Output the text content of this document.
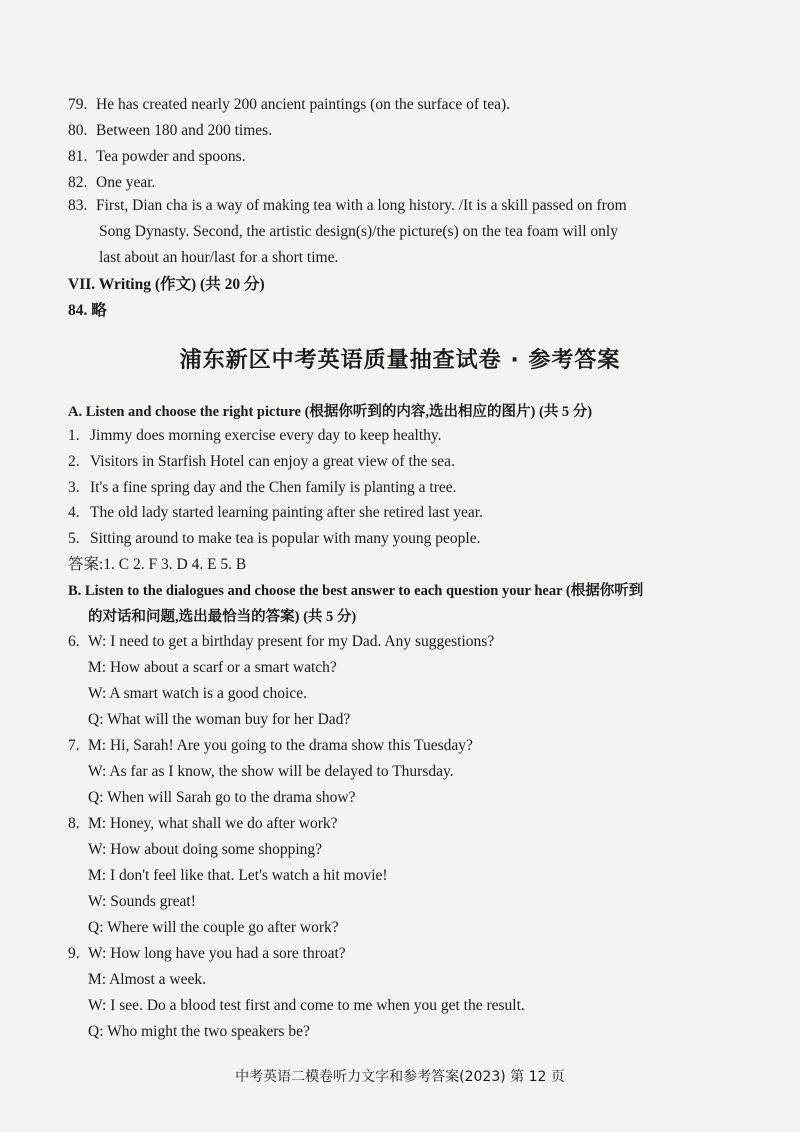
79. He has created nearly 200 ancient paintings (on the surface of tea).
80. Between 180 and 200 times.
81. Tea powder and spoons.
82. One year.
83. First, Dian cha is a way of making tea with a long history. /It is a skill passed on from
Song Dynasty. Second, the artistic design(s)/the picture(s) on the tea foam will only
last about an hour/last for a short time.
VII. Writing (作文) (共 20 分)
84. 略
浦东新区中考英语质量抽查试卷 · 参考答案
A. Listen and choose the right picture (根据你听到的内容,选出相应的图片) (共 5 分)
1. Jimmy does morning exercise every day to keep healthy.
2. Visitors in Starfish Hotel can enjoy a great view of the sea.
3. It's a fine spring day and the Chen family is planting a tree.
4. The old lady started learning painting after she retired last year.
5. Sitting around to make tea is popular with many young people.
答案:1. C 2. F 3. D 4. E 5. B
B. Listen to the dialogues and choose the best answer to each question your hear (根据你听到
的对话和问题,选出最恰当的答案) (共 5 分)
6. W: I need to get a birthday present for my Dad. Any suggestions?
M: How about a scarf or a smart watch?
W: A smart watch is a good choice.
Q: What will the woman buy for her Dad?
7. M: Hi, Sarah! Are you going to the drama show this Tuesday?
W: As far as I know, the show will be delayed to Thursday.
Q: When will Sarah go to the drama show?
8. M: Honey, what shall we do after work?
W: How about doing some shopping?
M: I don't feel like that. Let's watch a hit movie!
W: Sounds great!
Q: Where will the couple go after work?
9. W: How long have you had a sore throat?
M: Almost a week.
W: I see. Do a blood test first and come to me when you get the result.
Q: Who might the two speakers be?
中考英语二模卷听力文字和参考答案(2023) 第 12 页
